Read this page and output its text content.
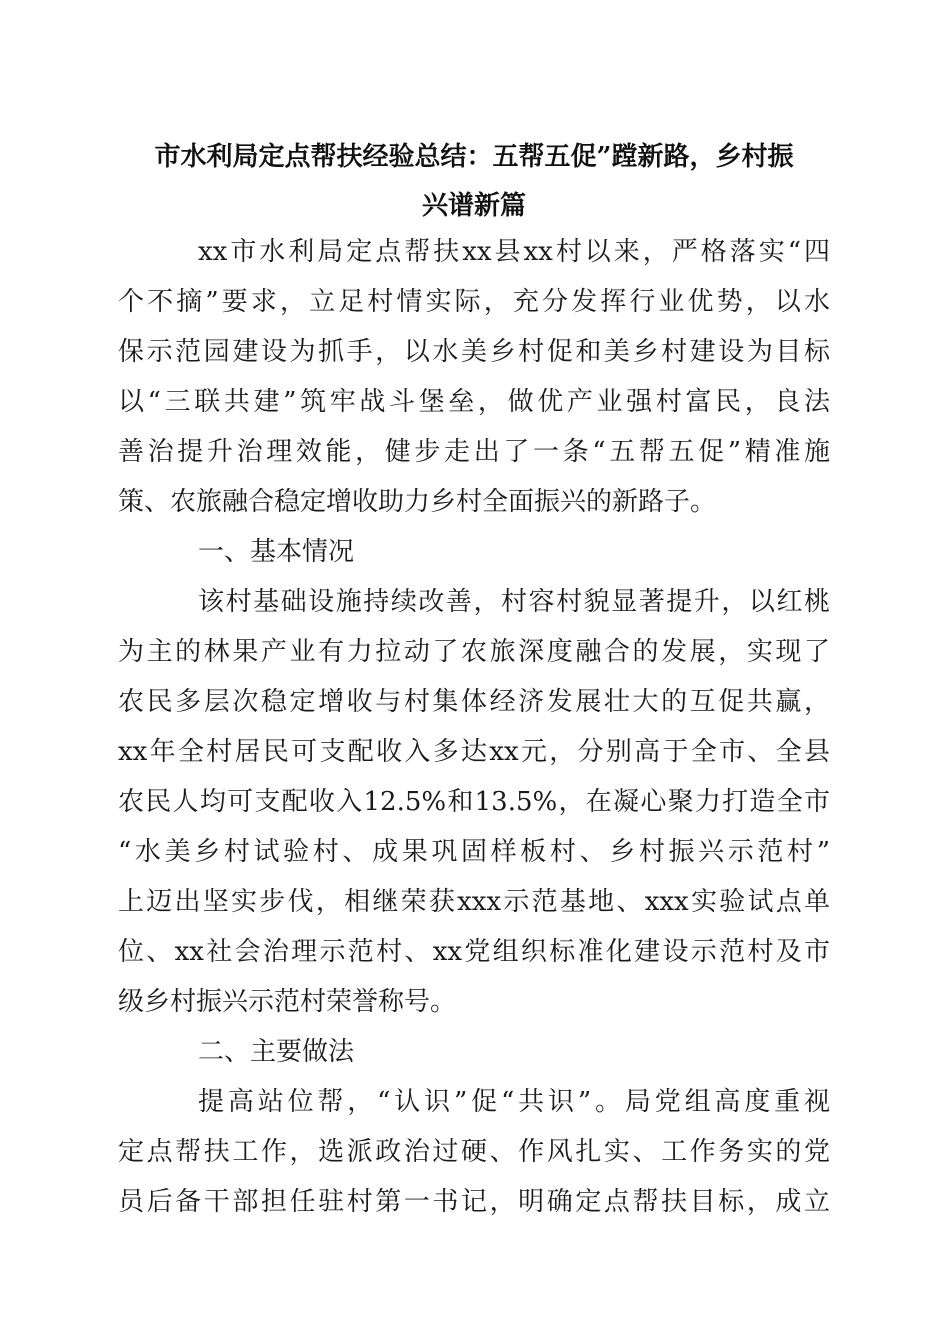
市水利局定点帮扶经验总结：五帮五促”蹚新路，乡村振
兴谱新篇
xx市水利局定点帮扶xx县xx村以来，严格落实“四
个不摘”要求，立足村情实际，充分发挥行业优势，以水
保示范园建设为抓手，以水美乡村促和美乡村建设为目标
以“三联共建”筑牢战斗堡垒，做优产业强村富民，良法
善治提升治理效能，健步走出了一条“五帮五促”精准施
策、农旅融合稳定增收助力乡村全面振兴的新路子。
一、基本情况
该村基础设施持续改善，村容村貌显著提升，以红桃
为主的林果产业有力拉动了农旅深度融合的发展，实现了
农民多层次稳定增收与村集体经济发展壮大的互促共赢，
xx年全村居民可支配收入多达xx元，分别高于全市、全县
农民人均可支配收入12.5%和13.5%，在凝心聚力打造全市
“水美乡村试验村、成果巩固样板村、乡村振兴示范村”
上迈出坚实步伐，相继荣获xxx示范基地、xxx实验试点单
位、xx社会治理示范村、xx党组织标准化建设示范村及市
级乡村振兴示范村荣誉称号。
二、主要做法
提高站位帮，“认识”促“共识”。局党组高度重视
定点帮扶工作，选派政治过硬、作风扎实、工作务实的党
员后备干部担任驻村第一书记，明确定点帮扶目标，成立
